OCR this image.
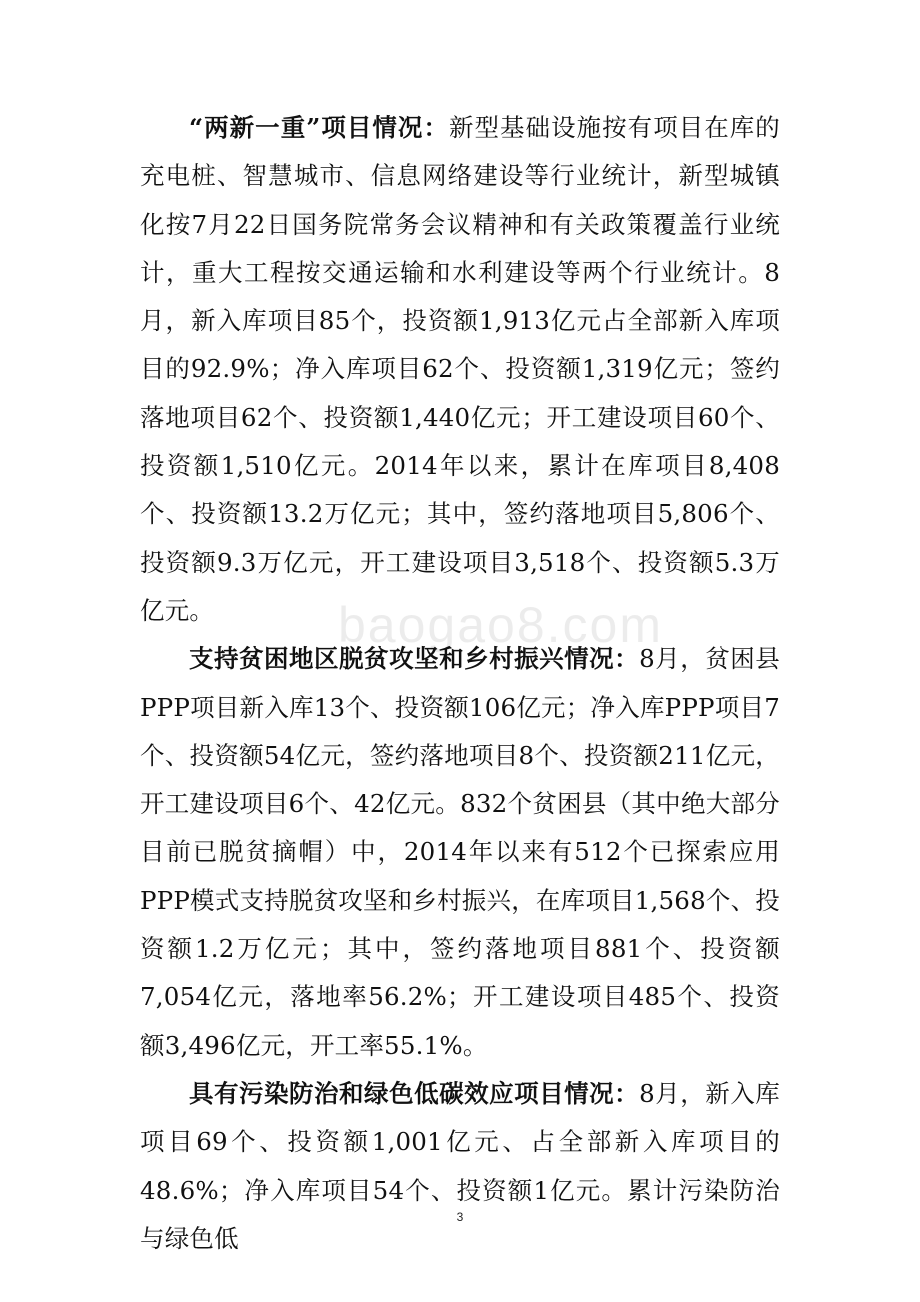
“两新一重”项目情况：新型基础设施按有项目在库的充电桩、智慧城市、信息网络建设等行业统计，新型城镇化按7月22日国务院常务会议精神和有关政策覆盖行业统计，重大工程按交通运输和水利建设等两个行业统计。8月，新入库项目85个，投资额1,913亿元占全部新入库项目的92.9%；净入库项目62个、投资额1,319亿元；签约落地项目62个、投资额1,440亿元；开工建设项目60个、投资额1,510亿元。2014年以来，累计在库项目8,408个、投资额13.2万亿元；其中，签约落地项目5,806个、投资额9.3万亿元，开工建设项目3,518个、投资额5.3万亿元。

支持贫困地区脱贫攻坚和乡村振兴情况：8月，贫困县PPP项目新入库13个、投资额106亿元；净入库PPP项目7个、投资额54亿元，签约落地项目8个、投资额211亿元，开工建设项目6个、42亿元。832个贫困县（其中绝大部分目前已脱贫摘帽）中，2014年以来有512个已探索应用PPP模式支持脱贫攻坚和乡村振兴，在库项目1,568个、投资额1.2万亿元；其中，签约落地项目881个、投资额7,054亿元，落地率56.2%；开工建设项目485个、投资额3,496亿元，开工率55.1%。

具有污染防治和绿色低碳效应项目情况：8月，新入库项目69个、投资额1,001亿元、占全部新入库项目的48.6%；净入库项目54个、投资额1亿元。累计污染防治与绿色低

baogao8.com
3
